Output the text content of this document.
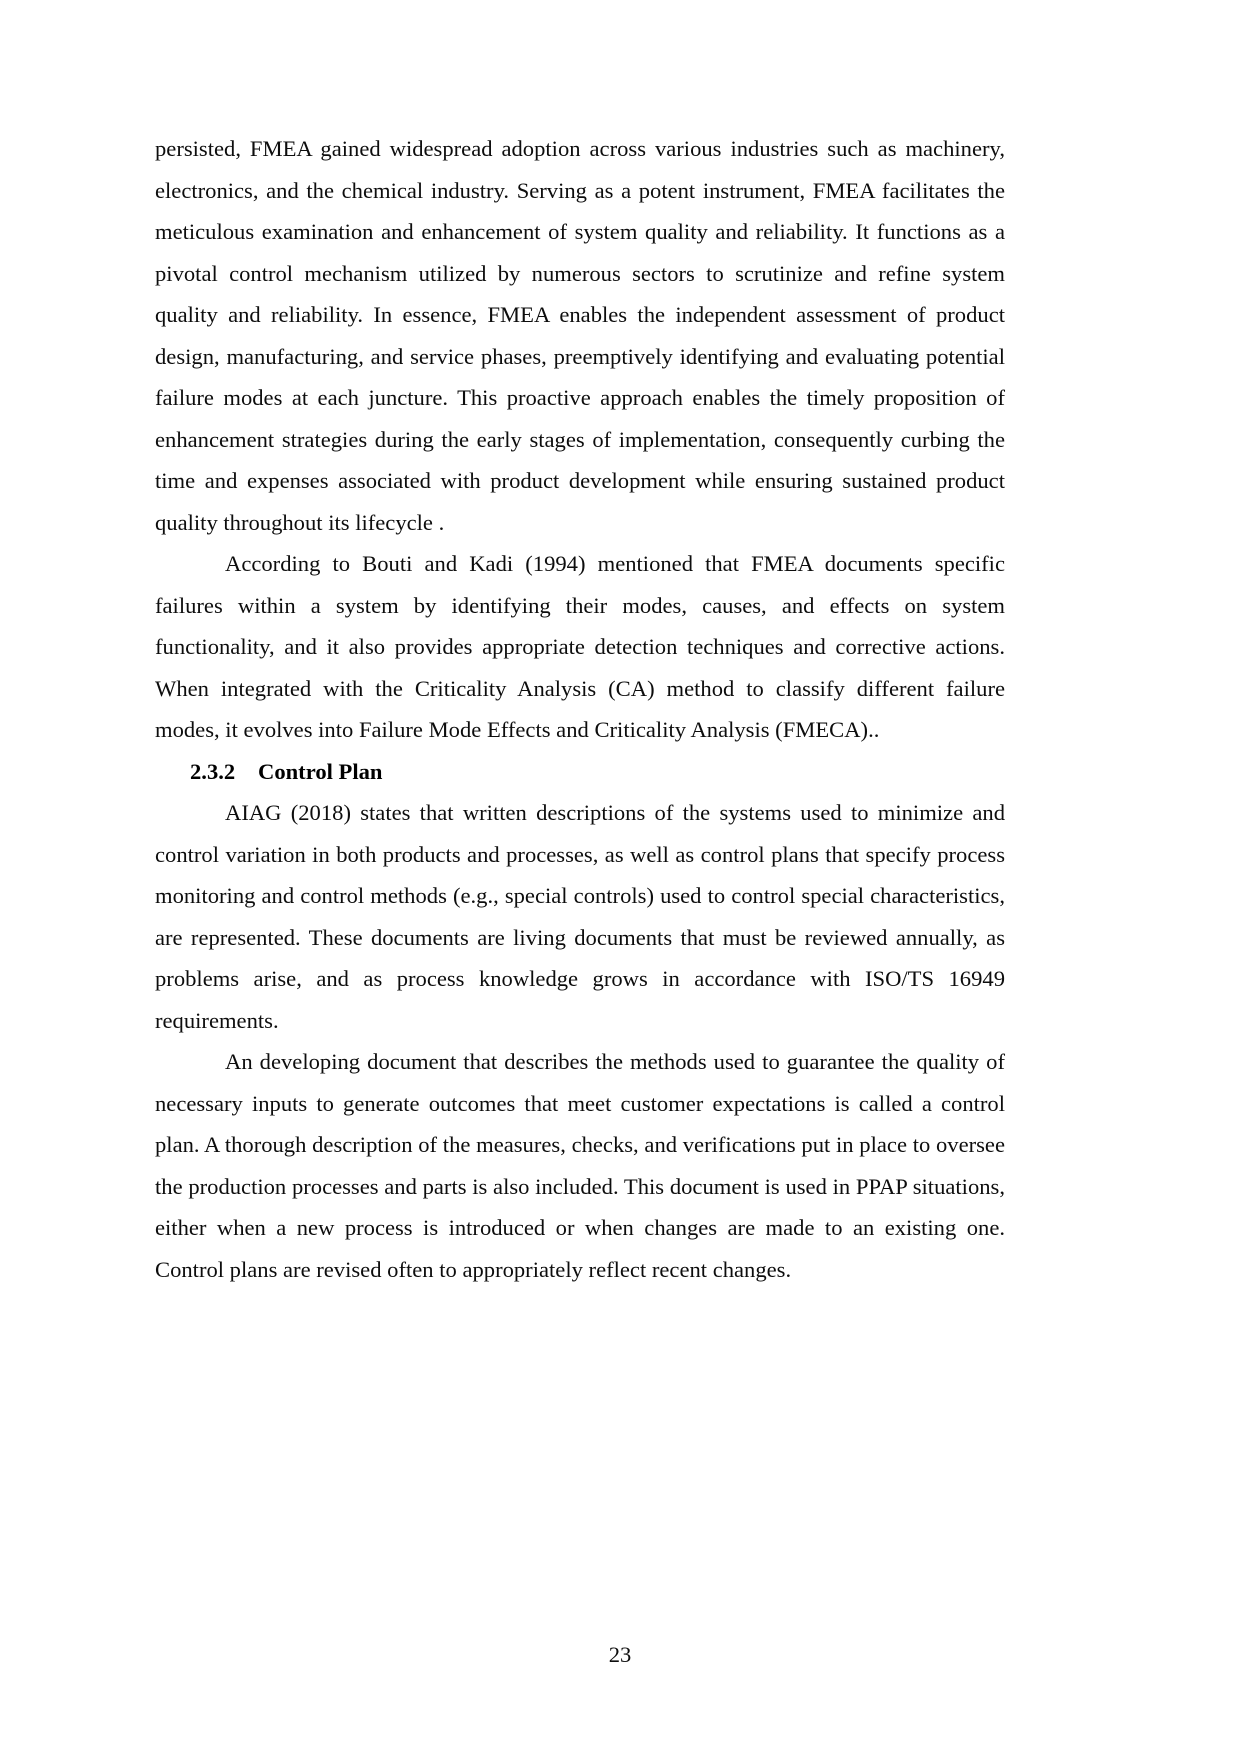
persisted, FMEA gained widespread adoption across various industries such as machinery, electronics, and the chemical industry. Serving as a potent instrument, FMEA facilitates the meticulous examination and enhancement of system quality and reliability. It functions as a pivotal control mechanism utilized by numerous sectors to scrutinize and refine system quality and reliability. In essence, FMEA enables the independent assessment of product design, manufacturing, and service phases, preemptively identifying and evaluating potential failure modes at each juncture. This proactive approach enables the timely proposition of enhancement strategies during the early stages of implementation, consequently curbing the time and expenses associated with product development while ensuring sustained product quality throughout its lifecycle .

According to Bouti and Kadi (1994) mentioned that FMEA documents specific failures within a system by identifying their modes, causes, and effects on system functionality, and it also provides appropriate detection techniques and corrective actions. When integrated with the Criticality Analysis (CA) method to classify different failure modes, it evolves into Failure Mode Effects and Criticality Analysis (FMECA)..

2.3.2 Control Plan

AIAG (2018) states that written descriptions of the systems used to minimize and control variation in both products and processes, as well as control plans that specify process monitoring and control methods (e.g., special controls) used to control special characteristics, are represented. These documents are living documents that must be reviewed annually, as problems arise, and as process knowledge grows in accordance with ISO/TS 16949 requirements.

An developing document that describes the methods used to guarantee the quality of necessary inputs to generate outcomes that meet customer expectations is called a control plan. A thorough description of the measures, checks, and verifications put in place to oversee the production processes and parts is also included. This document is used in PPAP situations, either when a new process is introduced or when changes are made to an existing one. Control plans are revised often to appropriately reflect recent changes.

23
